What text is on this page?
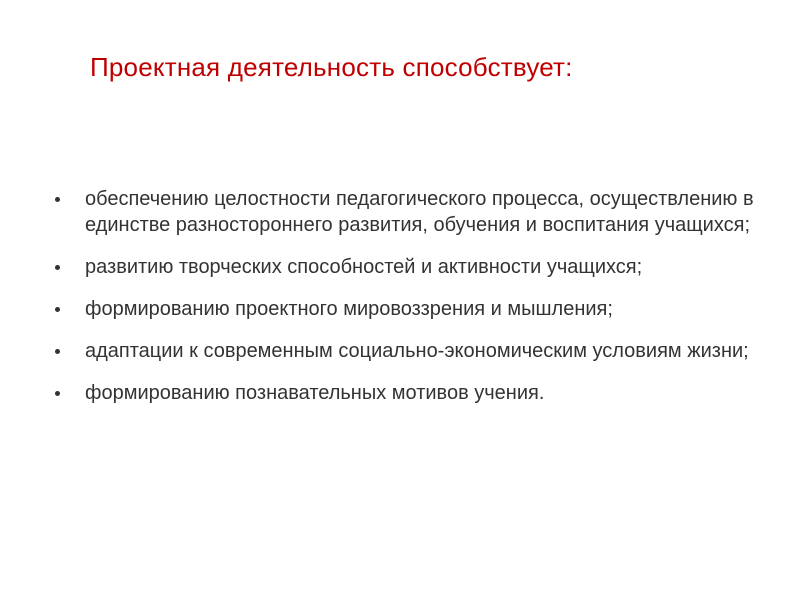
Проектная деятельность способствует:
обеспечению целостности педагогического процесса, осуществлению в единстве разностороннего развития, обучения и воспитания учащихся;
развитию творческих способностей и активности учащихся;
формированию проектного мировоззрения и мышления;
адаптации к современным социально-экономическим условиям жизни;
формированию познавательных мотивов учения.
